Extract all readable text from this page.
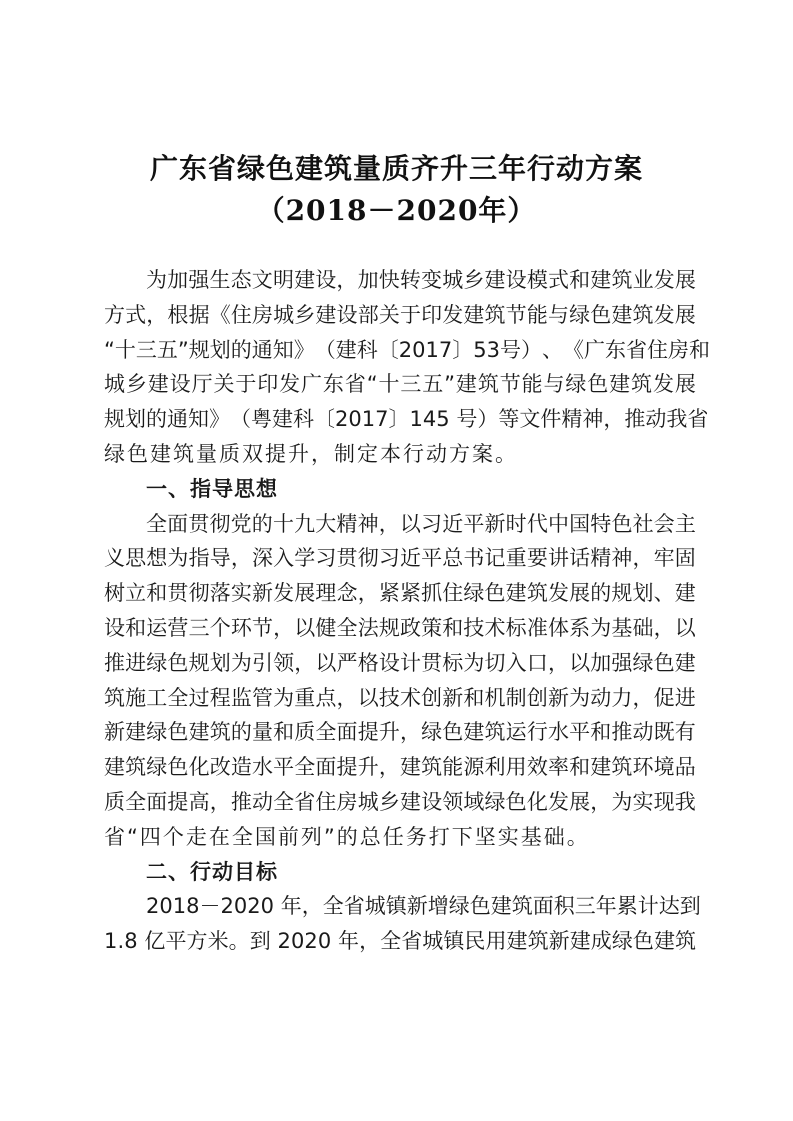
广东省绿色建筑量质齐升三年行动方案
（2018－2020年）
为 加 强 生 态 文 明 建 设 ， 加 快 转 变 城 乡 建 设 模 式 和 建 筑 业 发 展
方 式 ， 根 据 《 住 房 城 乡 建 设 部 关 于 印 发 建 筑 节 能 与 绿 色 建 筑 发 展
“ 十 三 五 ” 规 划 的 通 知 》 （ 建 科 〔 2 0 1 7 〕 5 3 号 ） 、 《 广 东 省 住 房 和
城 乡 建 设 厅 关 于 印 发 广 东 省 “ 十 三 五 ” 建 筑 节 能 与 绿 色 建 筑 发 展
规 划 的 通 知 》 （ 粤 建 科 〔 2 0 1 7 〕 1 4 5
号 ） 等 文 件 精 神 ， 推 动 我 省
绿色建筑量质双提升，制定本行动方案。
一、指导思想
全 面 贯 彻 党 的 十 九 大 精 神 ， 以 习 近 平 新 时 代 中 国 特 色 社 会 主
义 思 想 为 指 导 ， 深 入 学 习 贯 彻 习 近 平 总 书 记 重 要 讲 话 精 神 ， 牢 固
树 立 和 贯 彻 落 实 新 发 展 理 念 ， 紧 紧 抓 住 绿 色 建 筑 发 展 的 规 划 、 建
设 和 运 营 三 个 环 节 ， 以 健 全 法 规 政 策 和 技 术 标 准 体 系 为 基 础 ， 以
推 进 绿 色 规 划 为 引 领 ， 以 严 格 设 计 贯 标 为 切 入 口 ， 以 加 强 绿 色 建
筑 施 工 全 过 程 监 管 为 重 点 ， 以 技 术 创 新 和 机 制 创 新 为 动 力 ， 促 进
新 建 绿 色 建 筑 的 量 和 质 全 面 提 升 ， 绿 色 建 筑 运 行 水 平 和 推 动 既 有
建 筑 绿 色 化 改 造 水 平 全 面 提 升 ， 建 筑 能 源 利 用 效 率 和 建 筑 环 境 品
质 全 面 提 高 ， 推 动 全 省 住 房 城 乡 建 设 领 域 绿 色 化 发 展 ， 为 实 现 我
省“四个走在全国前列”的总任务打下坚实基础。
二、行动目标
2 0 1 8 － 2 0 2 0
年 ， 全 省 城 镇 新 增 绿 色 建 筑 面 积 三 年 累 计 达 到
1 . 8
亿 平 方 米 。 到
2 0 2 0
年 ， 全 省 城 镇 民 用 建 筑 新 建 成 绿 色 建 筑
